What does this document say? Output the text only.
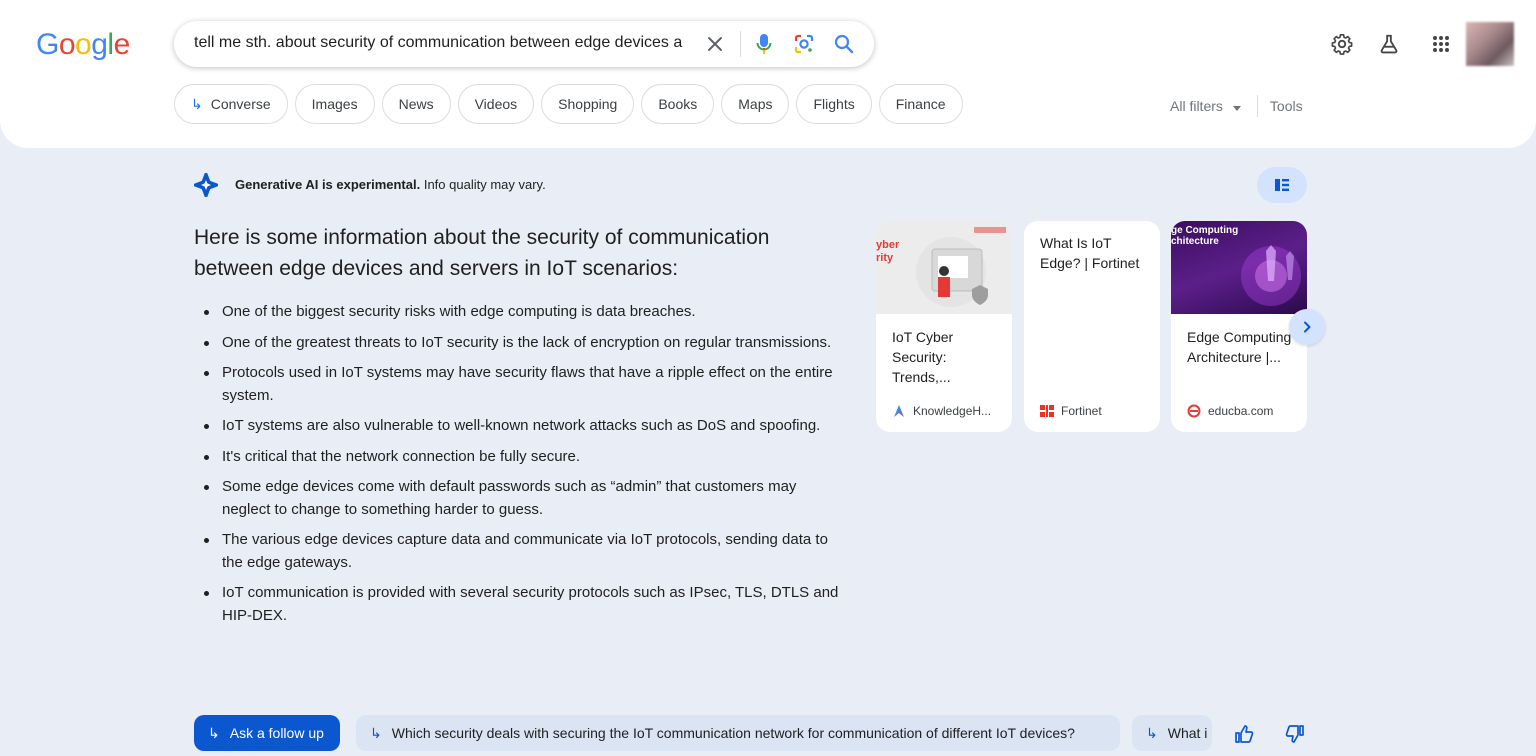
Google	tell me sth. about security of communication between edge devices a
↳ Converse	Images	News	Videos	Shopping	Books	Maps	Flights	Finance	All filters	Tools
Generative AI is experimental. Info quality may vary.
Here is some information about the security of communication between edge devices and servers in IoT scenarios:
One of the biggest security risks with edge computing is data breaches.
One of the greatest threats to IoT security is the lack of encryption on regular transmissions.
Protocols used in IoT systems may have security flaws that have a ripple effect on the entire system.
IoT systems are also vulnerable to well-known network attacks such as DoS and spoofing.
It's critical that the network connection be fully secure.
Some edge devices come with default passwords such as “admin” that customers may neglect to change to something harder to guess.
The various edge devices capture data and communicate via IoT protocols, sending data to the edge gateways.
IoT communication is provided with several security protocols such as IPsec, TLS, DTLS and HIP-DEX.
yber
rity
IoT Cyber Security: Trends,...
KnowledgeH...
What Is IoT Edge? | Fortinet
Fortinet
ge Computing
chitecture
Edge Computing Architecture |...
educba.com
↳ Ask a follow up	↳ Which security deals with securing the IoT communication network for communication of different IoT devices?	↳ What i
